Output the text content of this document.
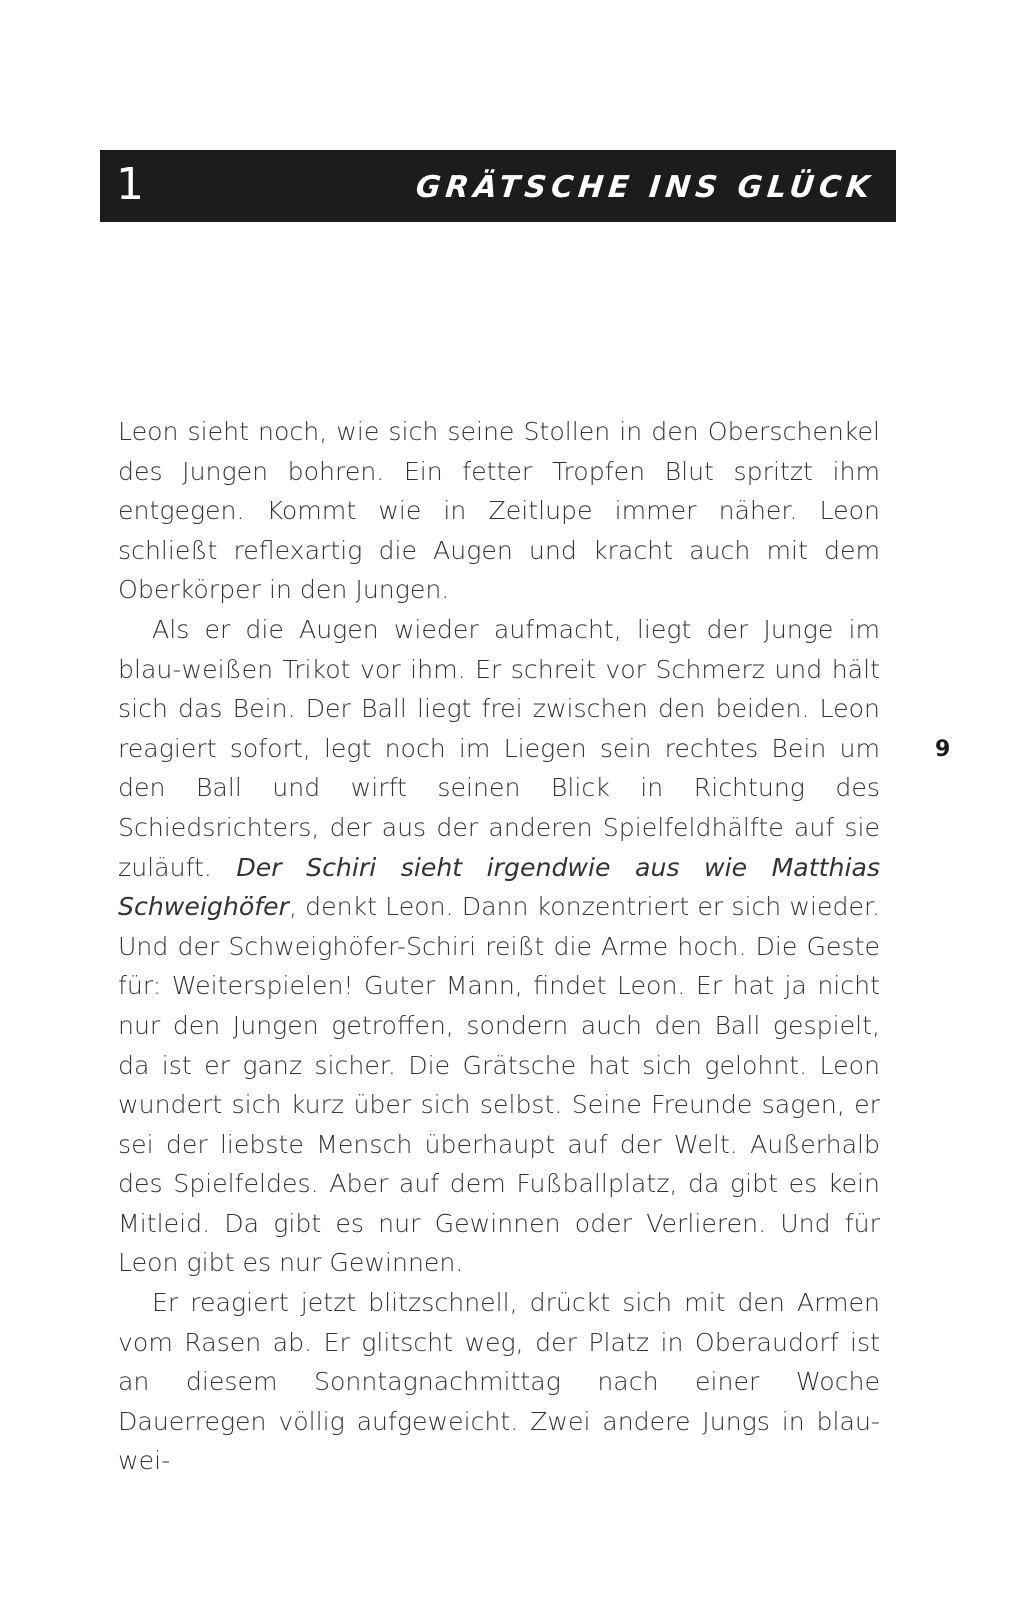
1	GRÄTSCHE INS GLÜCK

Leon sieht noch, wie sich seine Stollen in den Oberschenkel des Jungen bohren. Ein fetter Tropfen Blut spritzt ihm entgegen. Kommt wie in Zeitlupe immer näher. Leon schließt reflexartig die Augen und kracht auch mit dem Oberkörper in den Jungen.

Als er die Augen wieder aufmacht, liegt der Junge im blau-weißen Trikot vor ihm. Er schreit vor Schmerz und hält sich das Bein. Der Ball liegt frei zwischen den beiden. Leon reagiert sofort, legt noch im Liegen sein rechtes Bein um den Ball und wirft seinen Blick in Richtung des Schiedsrichters, der aus der anderen Spielfeldhälfte auf sie zuläuft. Der Schiri sieht irgendwie aus wie Matthias Schweighöfer, denkt Leon. Dann konzentriert er sich wieder. Und der Schweighöfer-Schiri reißt die Arme hoch. Die Geste für: Weiterspielen! Guter Mann, findet Leon. Er hat ja nicht nur den Jungen getroffen, sondern auch den Ball gespielt, da ist er ganz sicher. Die Grätsche hat sich gelohnt. Leon wundert sich kurz über sich selbst. Seine Freunde sagen, er sei der liebste Mensch überhaupt auf der Welt. Außerhalb des Spielfeldes. Aber auf dem Fußballplatz, da gibt es kein Mitleid. Da gibt es nur Gewinnen oder Verlieren. Und für Leon gibt es nur Gewinnen.

Er reagiert jetzt blitzschnell, drückt sich mit den Armen vom Rasen ab. Er glitscht weg, der Platz in Oberaudorf ist an diesem Sonntagnachmittag nach einer Woche Dauerregen völlig aufgeweicht. Zwei andere Jungs in blau-wei-

9
